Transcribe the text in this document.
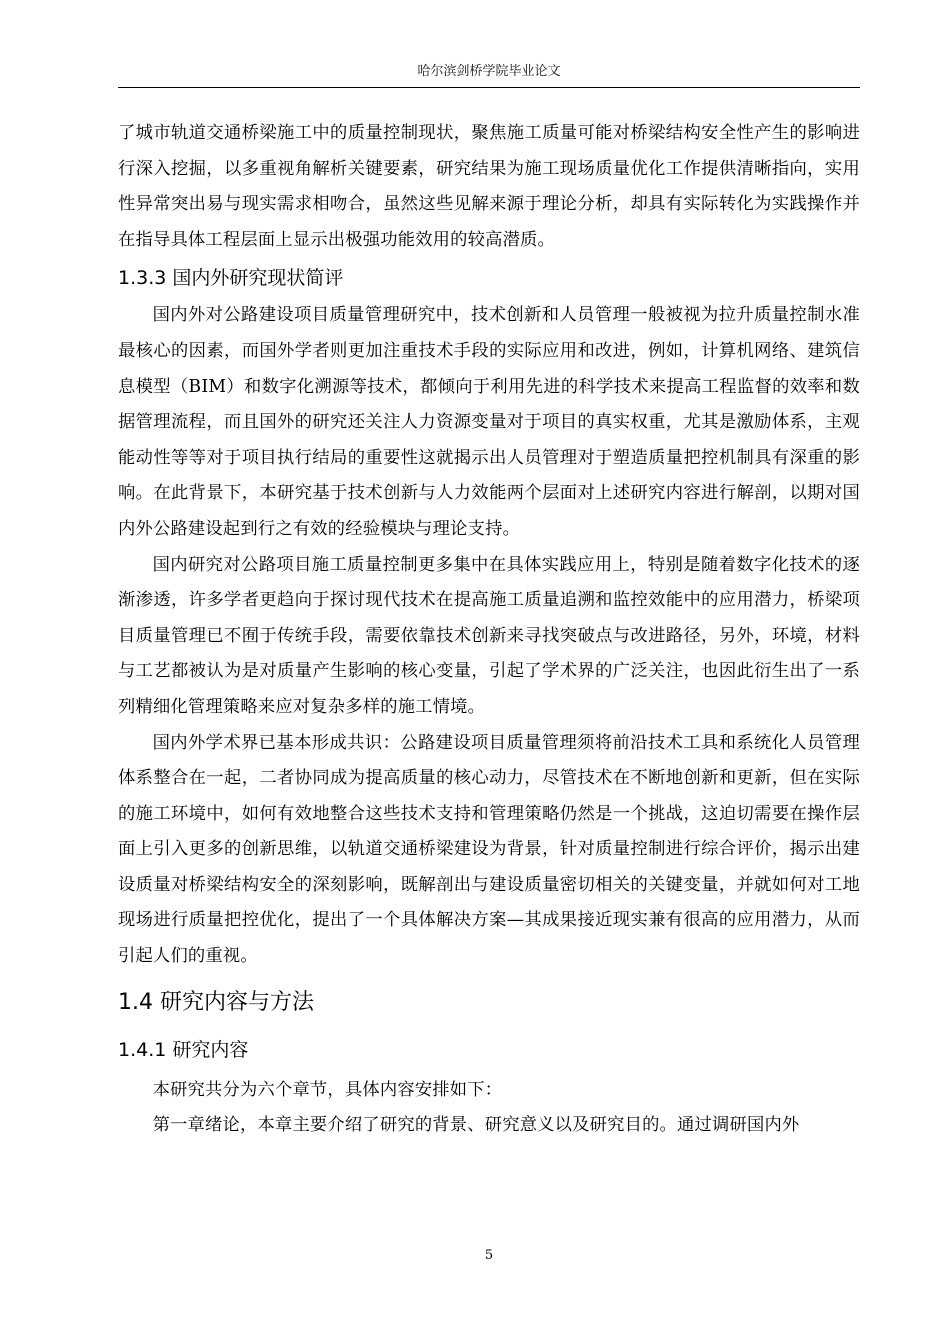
哈尔滨剑桥学院毕业论文

了城市轨道交通桥梁施工中的质量控制现状，聚焦施工质量可能对桥梁结构安全性产生的影响进行深入挖掘，以多重视角解析关键要素，研究结果为施工现场质量优化工作提供清晰指向，实用性异常突出易与现实需求相吻合，虽然这些见解来源于理论分析，却具有实际转化为实践操作并在指导具体工程层面上显示出极强功能效用的较高潜质。

1.3.3 国内外研究现状简评

国内外对公路建设项目质量管理研究中，技术创新和人员管理一般被视为拉升质量控制水准最核心的因素，而国外学者则更加注重技术手段的实际应用和改进，例如，计算机网络、建筑信息模型（BIM）和数字化溯源等技术，都倾向于利用先进的科学技术来提高工程监督的效率和数据管理流程，而且国外的研究还关注人力资源变量对于项目的真实权重，尤其是激励体系，主观能动性等等对于项目执行结局的重要性这就揭示出人员管理对于塑造质量把控机制具有深重的影响。在此背景下，本研究基于技术创新与人力效能两个层面对上述研究内容进行解剖，以期对国内外公路建设起到行之有效的经验模块与理论支持。

国内研究对公路项目施工质量控制更多集中在具体实践应用上，特别是随着数字化技术的逐渐渗透，许多学者更趋向于探讨现代技术在提高施工质量追溯和监控效能中的应用潜力，桥梁项目质量管理已不囿于传统手段，需要依靠技术创新来寻找突破点与改进路径，另外，环境，材料与工艺都被认为是对质量产生影响的核心变量，引起了学术界的广泛关注，也因此衍生出了一系列精细化管理策略来应对复杂多样的施工情境。

国内外学术界已基本形成共识：公路建设项目质量管理须将前沿技术工具和系统化人员管理体系整合在一起，二者协同成为提高质量的核心动力，尽管技术在不断地创新和更新，但在实际的施工环境中，如何有效地整合这些技术支持和管理策略仍然是一个挑战，这迫切需要在操作层面上引入更多的创新思维，以轨道交通桥梁建设为背景，针对质量控制进行综合评价，揭示出建设质量对桥梁结构安全的深刻影响，既解剖出与建设质量密切相关的关键变量，并就如何对工地现场进行质量把控优化，提出了一个具体解决方案—其成果接近现实兼有很高的应用潜力，从而引起人们的重视。

1.4 研究内容与方法
1.4.1 研究内容

本研究共分为六个章节，具体内容安排如下：

第一章绪论，本章主要介绍了研究的背景、研究意义以及研究目的。通过调研国内外

5
